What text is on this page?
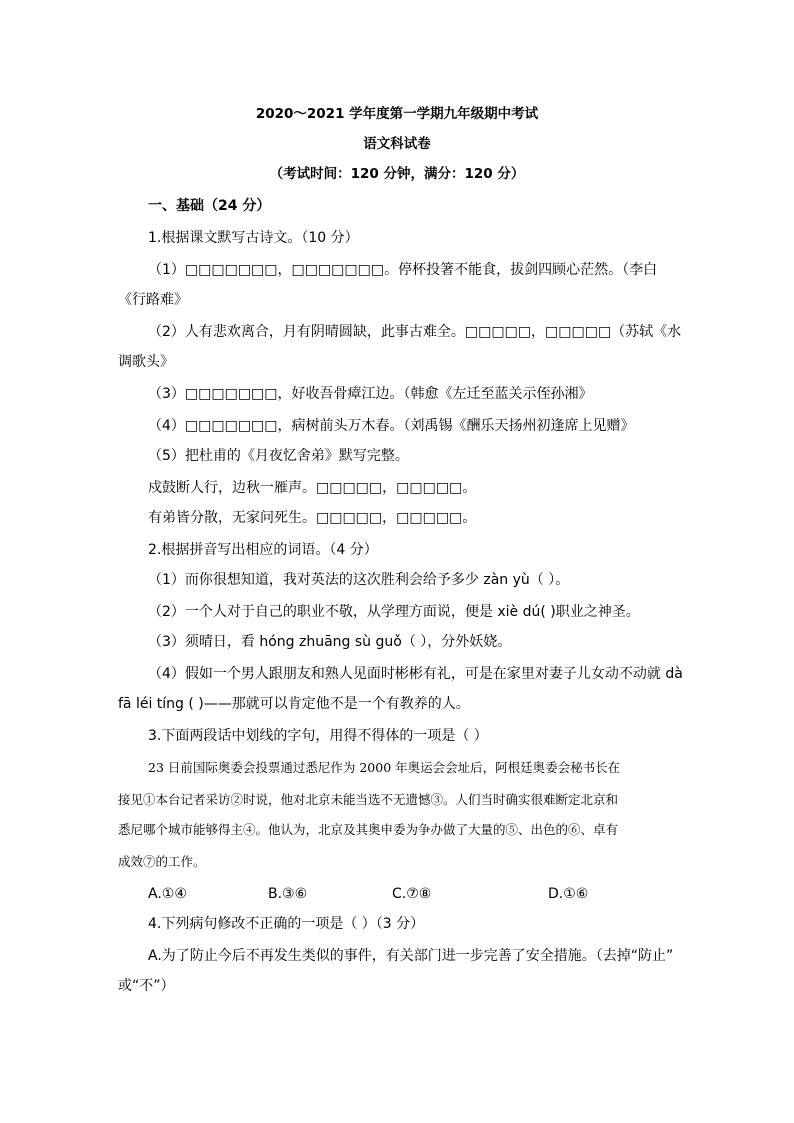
2020～2021 学年度第一学期九年级期中考试
语文科试卷
（考试时间：120 分钟，满分：120 分）
一、基础（24 分）
1.根据课文默写古诗文。（10 分）
（1）□□□□□□□，□□□□□□□。停杯投箸不能食，拔剑四顾心茫然。（李白
《行路难》
（2）人有悲欢离合，月有阴晴圆缺，此事古难全。□□□□□，□□□□□（苏轼《水
调歌头》
（3）□□□□□□□，好收吾骨瘴江边。（韩愈《左迁至蓝关示侄孙湘》
（4）□□□□□□□，病树前头万木春。（刘禹锡《酬乐天扬州初逢席上见赠》
（5）把杜甫的《月夜忆舍弟》默写完整。
戍鼓断人行，边秋一雁声。□□□□□，□□□□□。
有弟皆分散，无家问死生。□□□□□，□□□□□。
2.根据拼音写出相应的词语。（4 分）
（1）而你很想知道，我对英法的这次胜利会给予多少 zàn yù（ ）。
（2）一个人对于自己的职业不敬，从学理方面说，便是 xiè dú( )职业之神圣。
（3）须晴日，看 hóng zhuāng sù guǒ（ ），分外妖娆。
（4）假如一个男人跟朋友和熟人见面时彬彬有礼，可是在家里对妻子儿女动不动就 dà
fā léi tíng ( )——那就可以肯定他不是一个有教养的人。
3.下面两段话中划线的字句，用得不得体的一项是（ ）
23 日前国际奥委会投票通过悉尼作为 2000 年奥运会会址后，阿根廷奥委会秘书长在
接见①本台记者采访②时说，他对北京未能当选不无遗憾③。人们当时确实很难断定北京和
悉尼哪个城市能够得主④。他认为，北京及其奥申委为争办做了大量的⑤、出色的⑥、卓有
成效⑦的工作。
A.①④	B.③⑥	C.⑦⑧	D.①⑥
4.下列病句修改不正确的一项是（ ）（3 分）
A.为了防止今后不再发生类似的事件，有关部门进一步完善了安全措施。（去掉“防止”
或“不”）
